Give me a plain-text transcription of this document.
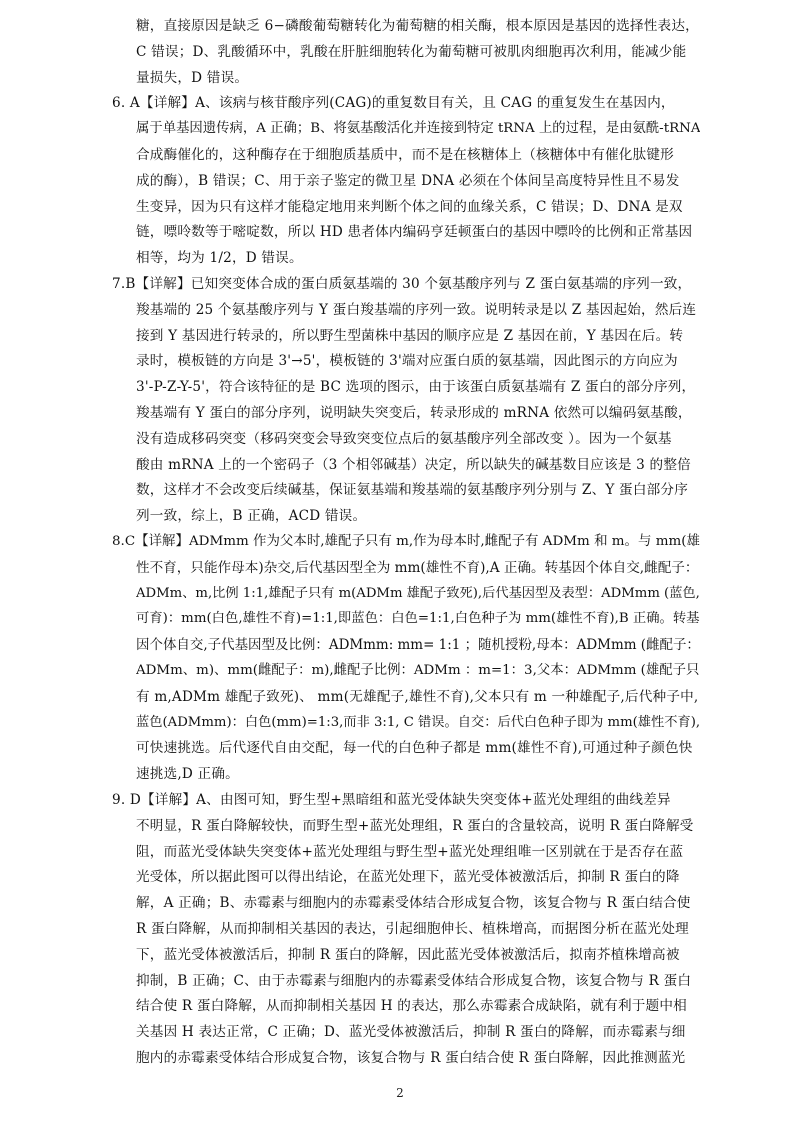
糖，直接原因是缺乏 6−磷酸葡萄糖转化为葡萄糖的相关酶，根本原因是基因的选择性表达，
C 错误；D、乳酸循环中，乳酸在肝脏细胞转化为葡萄糖可被肌肉细胞再次利用，能减少能
量损失，D 错误。
6. A【详解】A、该病与核苷酸序列(CAG)的重复数目有关，且 CAG 的重复发生在基因内，
属于单基因遗传病，A 正确；B、将氨基酸活化并连接到特定 tRNA 上的过程，是由氨酰-tRNA
合成酶催化的，这种酶存在于细胞质基质中，而不是在核糖体上（核糖体中有催化肽键形
成的酶），B 错误；C、用于亲子鉴定的微卫星 DNA 必须在个体间呈高度特异性且不易发
生变异，因为只有这样才能稳定地用来判断个体之间的血缘关系，C 错误；D、DNA 是双
链，嘌呤数等于嘧啶数，所以 HD 患者体内编码亨廷顿蛋白的基因中嘌呤的比例和正常基因
相等，均为 1/2，D 错误。
7.B【详解】已知突变体合成的蛋白质氨基端的 30 个氨基酸序列与 Z 蛋白氨基端的序列一致，
羧基端的 25 个氨基酸序列与 Y 蛋白羧基端的序列一致。说明转录是以 Z 基因起始，然后连
接到 Y 基因进行转录的，所以野生型菌株中基因的顺序应是 Z 基因在前，Y 基因在后。转
录时，模板链的方向是 3'→5'，模板链的 3'端对应蛋白质的氨基端，因此图示的方向应为
3'-P-Z-Y-5'，符合该特征的是 BC 选项的图示，由于该蛋白质氨基端有 Z 蛋白的部分序列，
羧基端有 Y 蛋白的部分序列，说明缺失突变后，转录形成的 mRNA 依然可以编码氨基酸，
没有造成移码突变（移码突变会导致突变位点后的氨基酸序列全部改变 ）。因为一个氨基
酸由 mRNA 上的一个密码子（3 个相邻碱基）决定，所以缺失的碱基数目应该是 3 的整倍
数，这样才不会改变后续碱基，保证氨基端和羧基端的氨基酸序列分别与 Z、Y 蛋白部分序
列一致，综上，B 正确，ACD 错误。
8.C【详解】ADMmm 作为父本时,雄配子只有 m,作为母本时,雌配子有 ADMm 和 m。与 mm(雄
性不育，只能作母本)杂交,后代基因型全为 mm(雄性不育),A 正确。转基因个体自交,雌配子：
ADMm、m,比例 1:1,雄配子只有 m(ADMm 雄配子致死),后代基因型及表型：ADMmm (蓝色,
可育)：mm(白色,雄性不育)=1:1,即蓝色：白色=1:1,白色种子为 mm(雄性不育),B 正确。转基
因个体自交,子代基因型及比例：ADMmm: mm= 1:1 ；随机授粉,母本：ADMmm (雌配子：
ADMm、m)、mm(雌配子：m),雌配子比例：ADMm ：m=1：3,父本：ADMmm (雄配子只
有 m,ADMm 雄配子致死)、 mm(无雄配子,雄性不育),父本只有 m 一种雄配子,后代种子中,
蓝色(ADMmm)：白色(mm)=1:3,而非 3:1, C 错误。自交：后代白色种子即为 mm(雄性不育),
可快速挑选。后代逐代自由交配，每一代的白色种子都是 mm(雄性不育),可通过种子颜色快
速挑选,D 正确。
9. D【详解】A、由图可知，野生型+黑暗组和蓝光受体缺失突变体+蓝光处理组的曲线差异
不明显，R 蛋白降解较快，而野生型+蓝光处理组，R 蛋白的含量较高，说明 R 蛋白降解受
阻，而蓝光受体缺失突变体+蓝光处理组与野生型+蓝光处理组唯一区别就在于是否存在蓝
光受体，所以据此图可以得出结论，在蓝光处理下，蓝光受体被激活后，抑制 R 蛋白的降
解，A 正确；B、赤霉素与细胞内的赤霉素受体结合形成复合物，该复合物与 R 蛋白结合使
R 蛋白降解，从而抑制相关基因的表达，引起细胞伸长、植株增高，而据图分析在蓝光处理
下，蓝光受体被激活后，抑制 R 蛋白的降解，因此蓝光受体被激活后，拟南芥植株增高被
抑制，B 正确；C、由于赤霉素与细胞内的赤霉素受体结合形成复合物，该复合物与 R 蛋白
结合使 R 蛋白降解，从而抑制相关基因 H 的表达，那么赤霉素合成缺陷，就有利于题中相
关基因 H 表达正常，C 正确；D、蓝光受体被激活后，抑制 R 蛋白的降解，而赤霉素与细
胞内的赤霉素受体结合形成复合物，该复合物与 R 蛋白结合使 R 蛋白降解，因此推测蓝光
2
